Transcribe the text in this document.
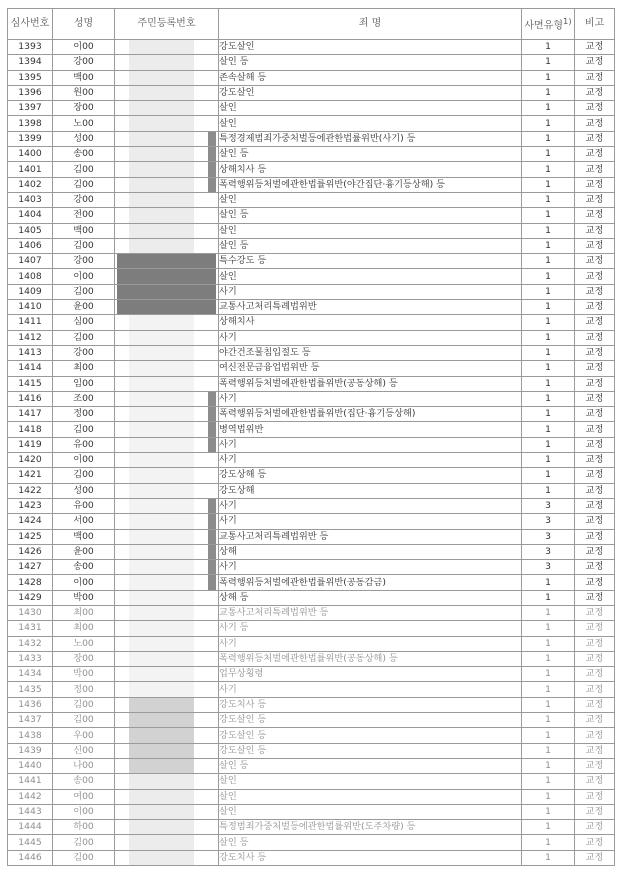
심사번호	성명	주민등록번호	죄 명	사면유형$^{1)}$	비고
1393	이00		강도살인	1	교정
1394	강00		살인 등	1	교정
1395	백00		존속살해 등	1	교정
1396	원00		강도살인	1	교정
1397	장00		살인	1	교정
1398	노00		살인	1	교정
1399	성00		특정경제범죄가중처벌등에관한법률위반(사기) 등	1	교정
1400	송00		살인 등	1	교정
1401	김00		상해치사 등	1	교정
1402	김00		폭력행위등처벌에관한법률위반(야간집단·흉기등상해) 등	1	교정
1403	강00		살인	1	교정
1404	전00		살인 등	1	교정
1405	백00		살인	1	교정
1406	김00		살인 등	1	교정
1407	강00		특수강도 등	1	교정
1408	이00		살인	1	교정
1409	김00		사기	1	교정
1410	윤00		교통사고처리특례법위반	1	교정
1411	심00		상해치사	1	교정
1412	김00		사기	1	교정
1413	강00		야간건조물침입절도 등	1	교정
1414	최00		여신전문금융업법위반 등	1	교정
1415	임00		폭력행위등처벌에관한법률위반(공동상해) 등	1	교정
1416	조00		사기	1	교정
1417	정00		폭력행위등처벌에관한법률위반(집단·흉기등상해)	1	교정
1418	김00		병역법위반	1	교정
1419	유00		사기	1	교정
1420	이00		사기	1	교정
1421	김00		강도상해 등	1	교정
1422	성00		강도상해	1	교정
1423	유00		사기	3	교정
1424	서00		사기	3	교정
1425	백00		교통사고처리특례법위반 등	3	교정
1426	윤00		상해	3	교정
1427	송00		사기	3	교정
1428	이00		폭력행위등처벌에관한법률위반(공동감금)	1	교정
1429	박00		상해 등	1	교정
1430	최00		교통사고처리특례법위반 등	1	교정
1431	최00		사기 등	1	교정
1432	노00		사기	1	교정
1433	장00		폭력행위등처벌에관한법률위반(공동상해) 등	1	교정
1434	박00		업무상횡령	1	교정
1435	정00		사기	1	교정
1436	김00		강도치사 등	1	교정
1437	김00		강도살인 등	1	교정
1438	우00		강도살인 등	1	교정
1439	신00		강도살인 등	1	교정
1440	나00		살인 등	1	교정
1441	송00		살인	1	교정
1442	여00		살인	1	교정
1443	이00		살인	1	교정
1444	하00		특정범죄가중처벌등에관한법률위반(도주차량) 등	1	교정
1445	김00		살인 등	1	교정
1446	김00		강도치사 등	1	교정
